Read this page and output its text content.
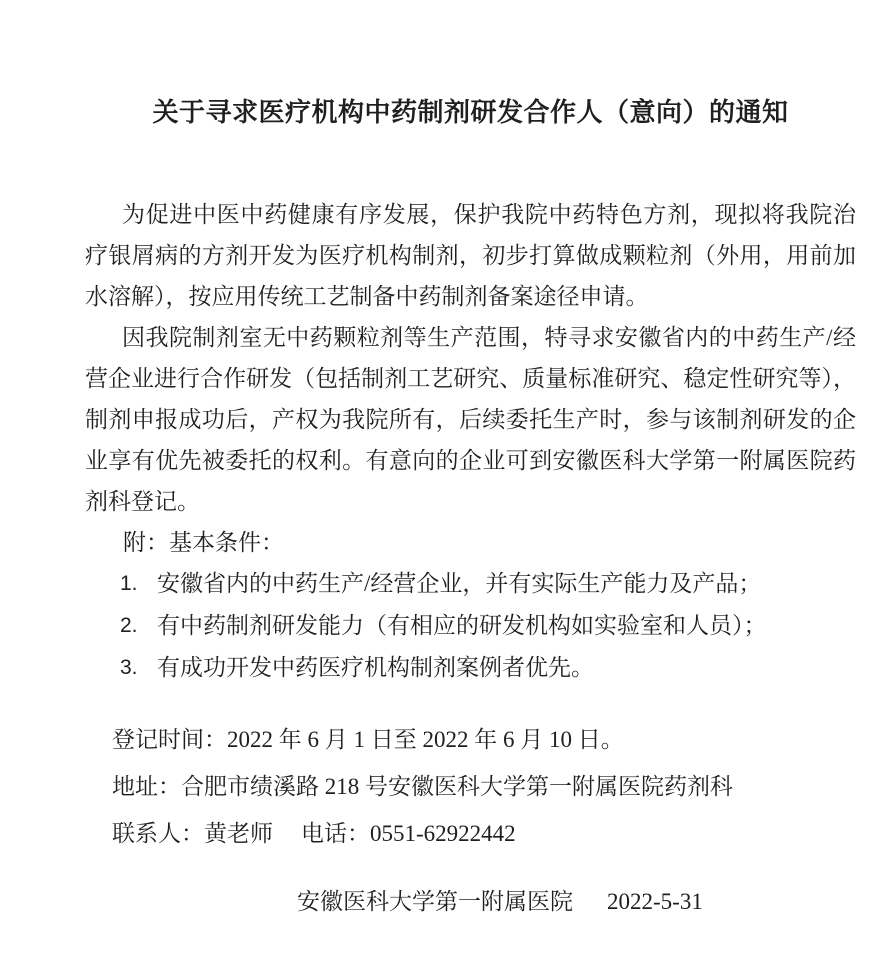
关于寻求医疗机构中药制剂研发合作人（意向）的通知

为促进中医中药健康有序发展，保护我院中药特色方剂，现拟将我院治疗银屑病的方剂开发为医疗机构制剂，初步打算做成颗粒剂（外用，用前加水溶解），按应用传统工艺制备中药制剂备案途径申请。

因我院制剂室无中药颗粒剂等生产范围，特寻求安徽省内的中药生产/经营企业进行合作研发（包括制剂工艺研究、质量标准研究、稳定性研究等），制剂申报成功后，产权为我院所有，后续委托生产时，参与该制剂研发的企业享有优先被委托的权利。有意向的企业可到安徽医科大学第一附属医院药剂科登记。

附：基本条件：
1. 安徽省内的中药生产/经营企业，并有实际生产能力及产品；
2. 有中药制剂研发能力（有相应的研发机构如实验室和人员）；
3. 有成功开发中药医疗机构制剂案例者优先。
登记时间：2022 年 6 月 1 日至 2022 年 6 月 10 日。
地址：合肥市绩溪路 218 号安徽医科大学第一附属医院药剂科
联系人：黄老师 电话：0551-62922442
安徽医科大学第一附属医院 2022-5-31
